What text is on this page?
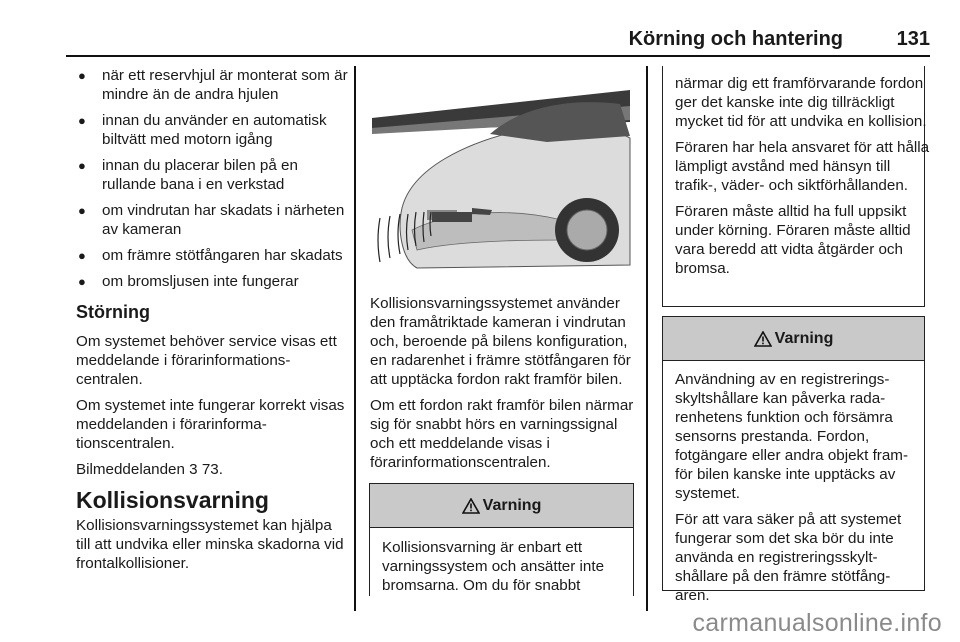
Körning och hantering	131
● när ett reservhjul är monterat som är mindre än de andra hjulen
● innan du använder en automatisk biltvätt med motorn igång
● innan du placerar bilen på en rullande bana i en verkstad
● om vindrutan har skadats i närheten av kameran
● om främre stötfångaren har skadats
● om bromsljusen inte fungerar
Störning

Om systemet behöver service visas ett meddelande i förarinformationscentralen.

Om systemet inte fungerar korrekt visas meddelanden i förarinformationscentralen.

Bilmeddelanden 3 73.

Kollisionsvarning

Kollisionsvarningssystemet kan hjälpa till att undvika eller minska skadorna vid frontalkollisioner.

Kollisionsvarningssystemet använder den framåtriktade kameran i vindrutan och, beroende på bilens konfiguration, en radarenhet i främre stötfångaren för att upptäcka fordon rakt framför bilen.

Om ett fordon rakt framför bilen närmar sig för snabbt hörs en varningssignal och ett meddelande visas i förarinformationscentralen.

Varning

Kollisionsvarning är enbart ett varningssystem och ansätter inte bromsarna. Om du för snabbt

närmar dig ett framförvarande fordon ger det kanske inte dig tillräckligt mycket tid för att undvika en kollision.

Föraren har hela ansvaret för att hålla lämpligt avstånd med hänsyn till trafik-, väder- och siktförhållanden.

Föraren måste alltid ha full uppsikt under körning. Föraren måste alltid vara beredd att vidta åtgärder och bromsa.

Varning

Användning av en registreringsskyltshållare kan påverka radarenhetens funktion och försämra sensorns prestanda. Fordon, fotgängare eller andra objekt framför bilen kanske inte upptäcks av systemet.

För att vara säker på att systemet fungerar som det ska bör du inte använda en registreringsskyltshållare på den främre stötfångaren.

carmanualsonline.info
